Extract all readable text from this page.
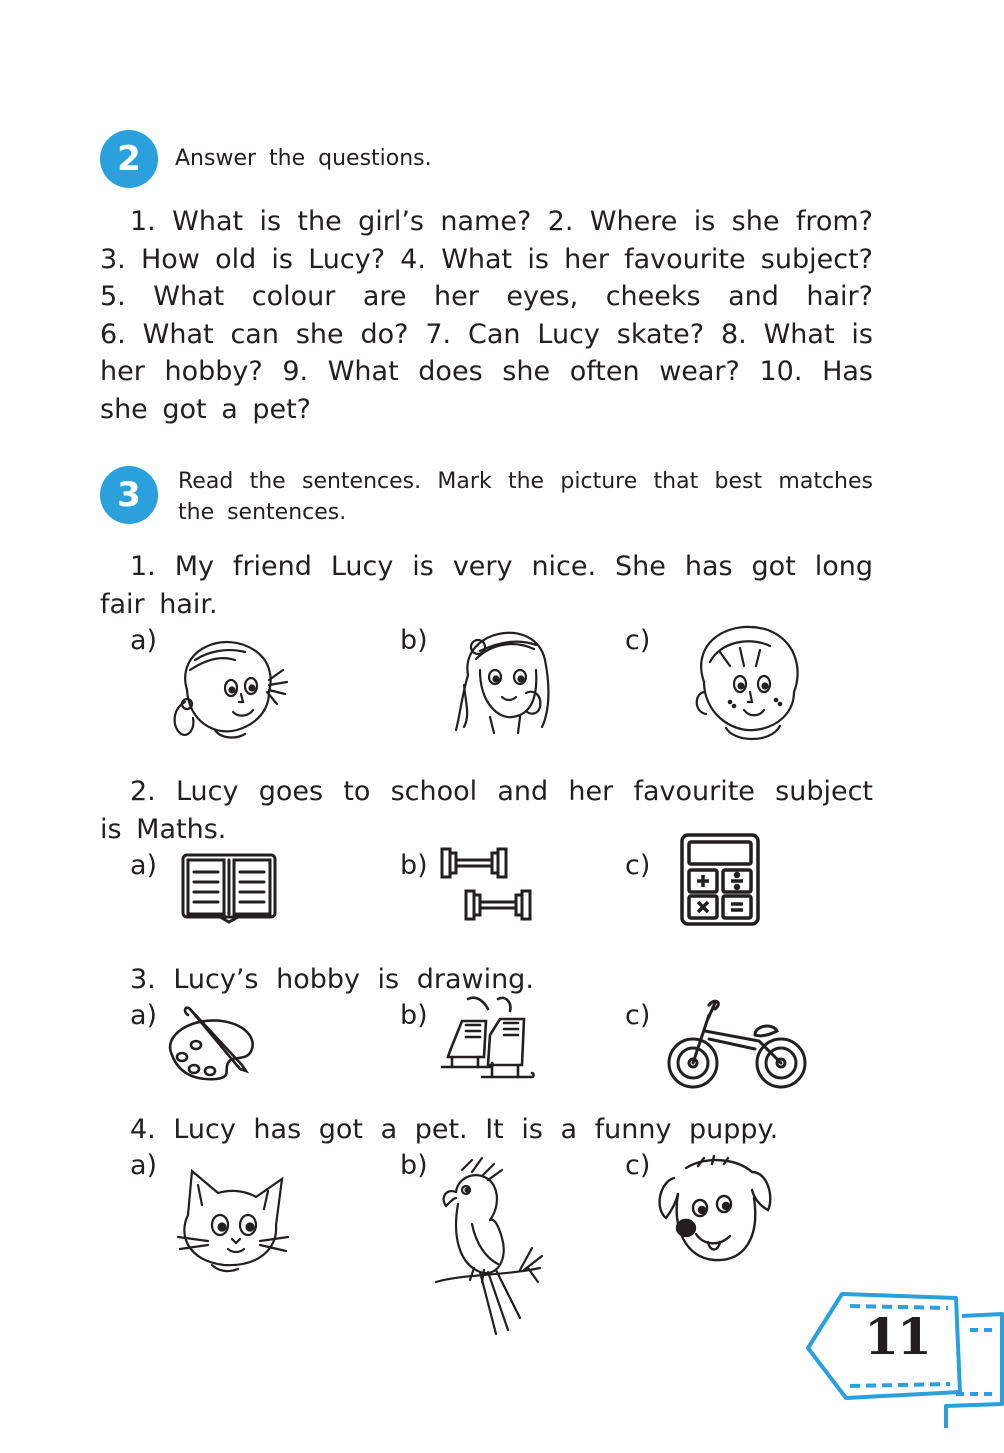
2 Answer the questions.
1. What is the girl’s name? 2. Where is she from?
3. How old is Lucy? 4. What is her favourite subject?
5. What colour are her eyes, cheeks and hair?
6. What can she do? 7. Can Lucy skate? 8. What is
her hobby? 9. What does she often wear? 10. Has
she got a pet?
3 Read the sentences. Mark the picture that best matches
the sentences.
1. My friend Lucy is very nice. She has got long
fair hair.
a)	b)	c)
2. Lucy goes to school and her favourite subject
is Maths.
a)	b)	c)
3. Lucy’s hobby is drawing.
a)	b)	c)
4. Lucy has got a pet. It is a funny puppy.
a)	b)	c)
11
